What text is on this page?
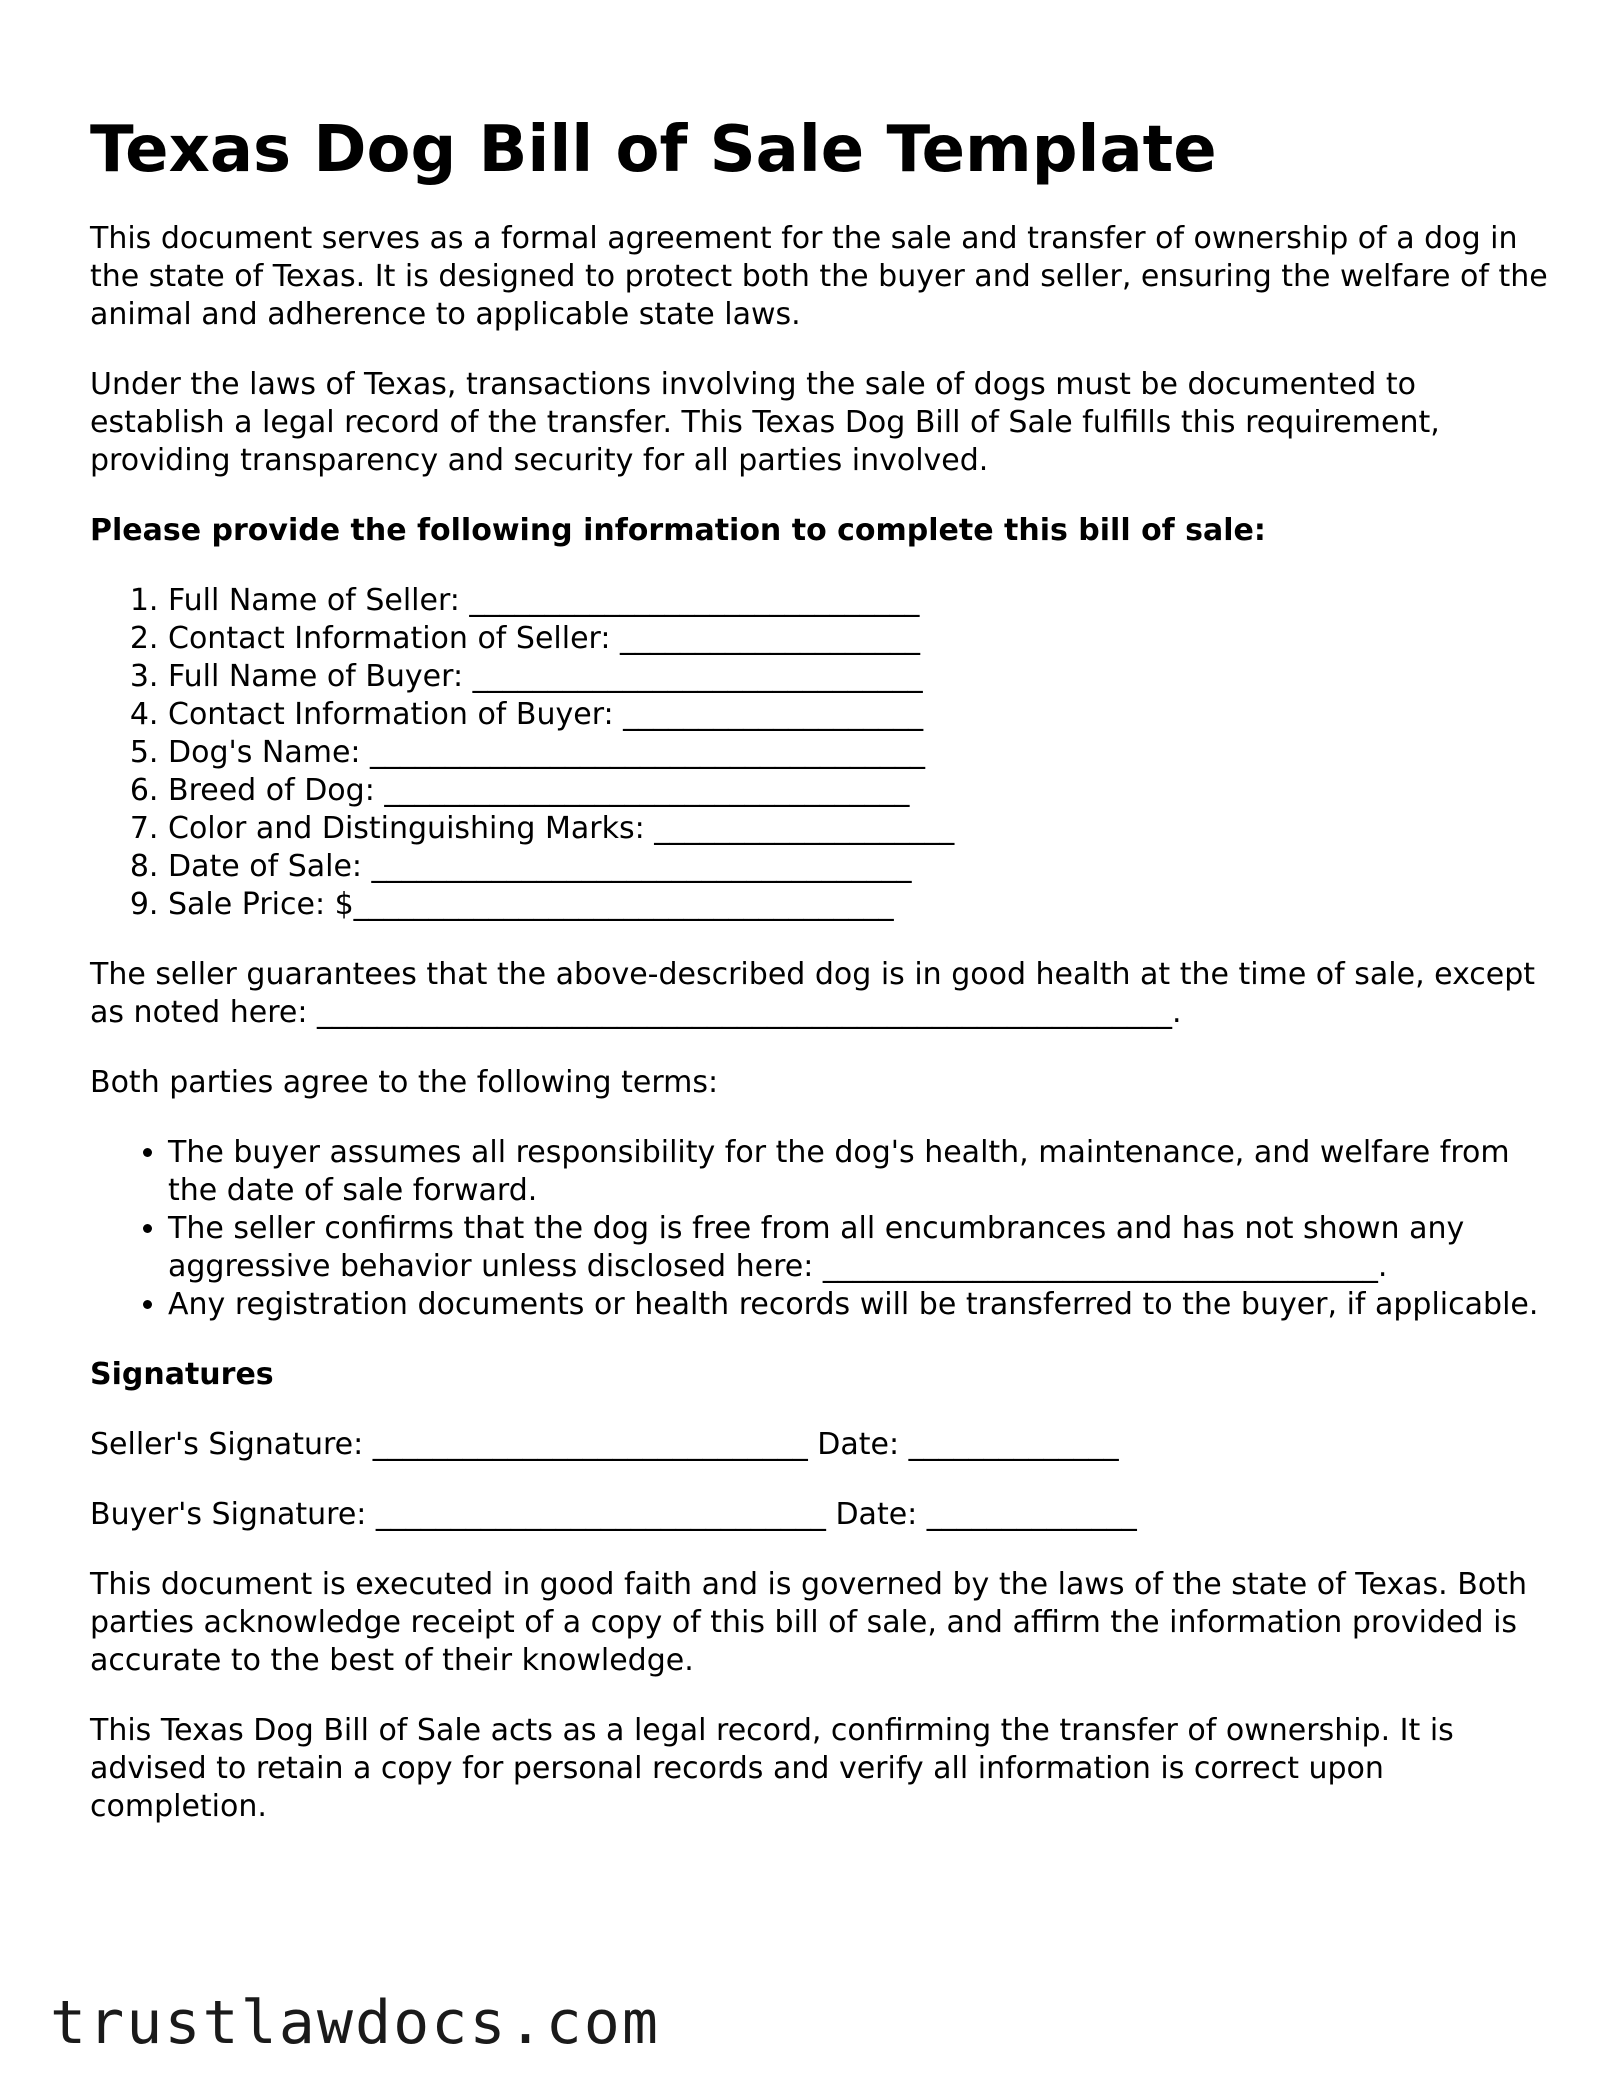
Texas Dog Bill of Sale Template

This document serves as a formal agreement for the sale and transfer of ownership of a dog in the state of Texas. It is designed to protect both the buyer and seller, ensuring the welfare of the animal and adherence to applicable state laws.

Under the laws of Texas, transactions involving the sale of dogs must be documented to establish a legal record of the transfer. This Texas Dog Bill of Sale fulfills this requirement, providing transparency and security for all parties involved.

Please provide the following information to complete this bill of sale:

1. Full Name of Seller: ______________________________
2. Contact Information of Seller: ____________________
3. Full Name of Buyer: ______________________________
4. Contact Information of Buyer: ____________________
5. Dog's Name: _____________________________________
6. Breed of Dog: ___________________________________
7. Color and Distinguishing Marks: ____________________
8. Date of Sale: ____________________________________
9. Sale Price: $____________________________________

The seller guarantees that the above-described dog is in good health at the time of sale, except as noted here: _________________________________________________________.

Both parties agree to the following terms:

• The buyer assumes all responsibility for the dog's health, maintenance, and welfare from the date of sale forward.
• The seller confirms that the dog is free from all encumbrances and has not shown any aggressive behavior unless disclosed here: _____________________________________.
• Any registration documents or health records will be transferred to the buyer, if applicable.

Signatures

Seller's Signature: _____________________________ Date: ______________

Buyer's Signature: ______________________________ Date: ______________

This document is executed in good faith and is governed by the laws of the state of Texas. Both parties acknowledge receipt of a copy of this bill of sale, and affirm the information provided is accurate to the best of their knowledge.

This Texas Dog Bill of Sale acts as a legal record, confirming the transfer of ownership. It is advised to retain a copy for personal records and verify all information is correct upon completion.

trustlawdocs.com
